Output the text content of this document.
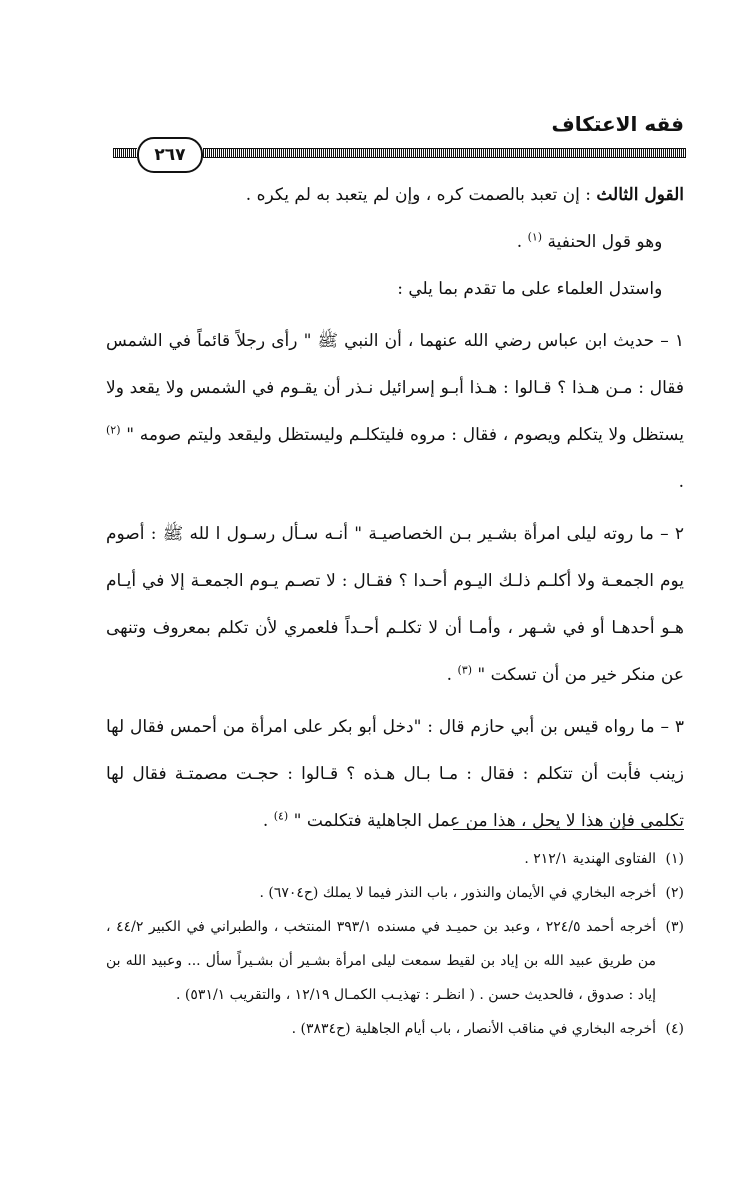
فقه الاعتكاف
٢٦٧

القول الثالث : إن تعبد بالصمت كره ، وإن لم يتعبد به لم يكره .

وهو قول الحنفية $^{(١)}$ .

واستدل العلماء على ما تقدم بما يلي :

١ – حديث ابن عباس رضي الله عنهما ، أن النبي ﷺ " رأى رجلاً قائماً في الشمس فقال : مـن هـذا ؟ قـالوا : هـذا أبـو إسرائيل نـذر أن يقـوم في الشمس ولا يقعد ولا يستظل ولا يتكلم ويصوم ، فقال : مروه فليتكلـم وليستظل وليقعد وليتم صومه " $^{(٢)}$ .

٢ – ما روته ليلى امرأة بشـير بـن الخصاصيـة " أنـه سـأل رسـول ا لله ﷺ : أصوم يوم الجمعـة ولا أكلـم ذلـك اليـوم أحـدا ؟ فقـال : لا تصـم يـوم الجمعـة إلا في أيـام هـو أحدهـا أو في شـهر ، وأمـا أن لا تكلـم أحـداً فلعمري لأن تكلم بمعروف وتنهى عن منكر خير من أن تسكت " $^{(٣)}$ .

٣ – ما رواه قيس بن أبي حازم قال : "دخل أبو بكر على امرأة من أحمس فقال لها زينب فأبت أن تتكلم : فقال : مـا بـال هـذه ؟ قـالوا : حجـت مصمتـة فقال لها تكلمي فإن هذا لا يحل ، هذا من عمل الجاهلية فتكلمت " $^{(٤)}$ .

(١)
الفتاوى الهندية ٢١٢/١ .
(٢)
أخرجه البخاري في الأيمان والنذور ، باب النذر فيما لا يملك (ح٦٧٠٤) .
(٣)
أخرجه أحمد ٢٢٤/٥ ، وعبد بن حميـد في مسنده ٣٩٣/١ المنتخب ، والطبراني في الكبير ٤٤/٢ ، من طريق عبيد الله بن إياد بن لقيط سمعت ليلى امرأة بشـير أن بشـيراً سأل ... وعبيد الله بن إياد : صدوق ، فالحديث حسن . ( انظـر : تهذيـب الكمـال ١٢/١٩ ، والتقريب ٥٣١/١) .
(٤)
أخرجه البخاري في مناقب الأنصار ، باب أيام الجاهلية (ح٣٨٣٤) .
